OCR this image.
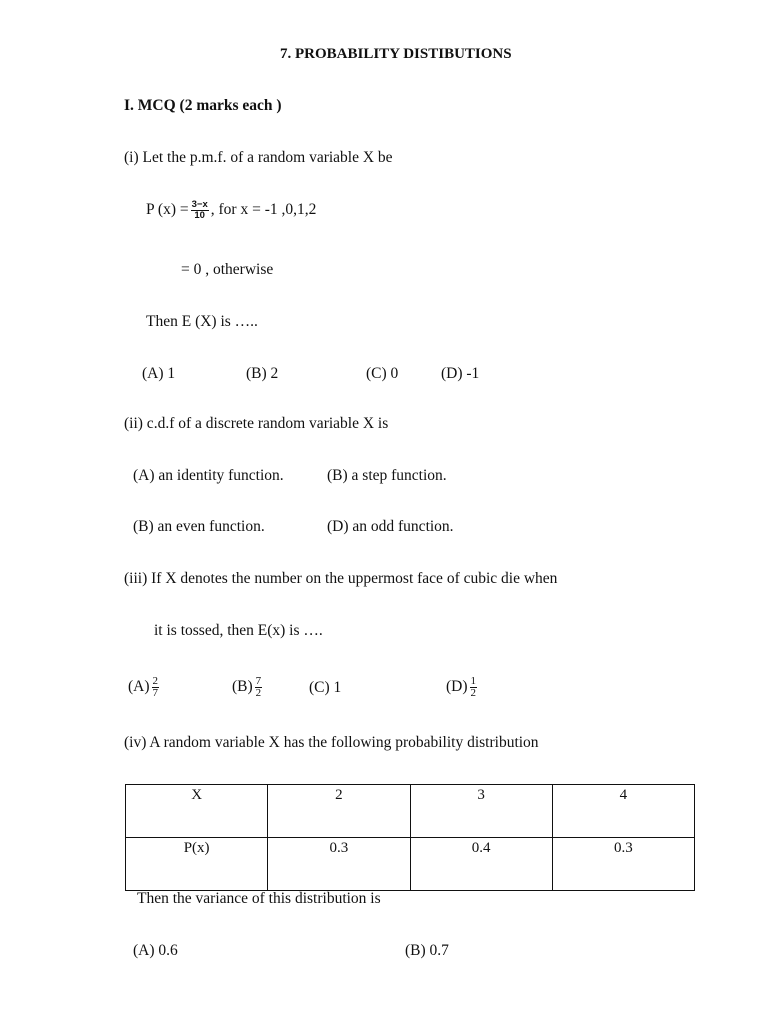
7. PROBABILITY DISTIBUTIONS
I. MCQ (2 marks each )
(i) Let the p.m.f. of a random variable X be
P $(x) = \frac{3-x}{10}$ , for x = -1 ,0,1,2
= 0 , otherwise
Then E (X) is …..
(A) 1	(B) 2	(C) 0	(D) -1
(ii) c.d.f of a discrete random variable X is
(A) an identity function.	(B) a step function.
(B) an even function.	(D) an odd function.
(iii) If X denotes the number on the uppermost face of cubic die when
it is tossed, then E(x) is ….
$(A) \frac{2}{7}$	$(B) \frac{7}{2}$	(C) 1	$(D) \frac{1}{2}$
(iv) A random variable X has the following probability distribution
X	2	3	4
P(x)	0.3	0.4	0.3
Then the variance of this distribution is
(A) 0.6	(B) 0.7
